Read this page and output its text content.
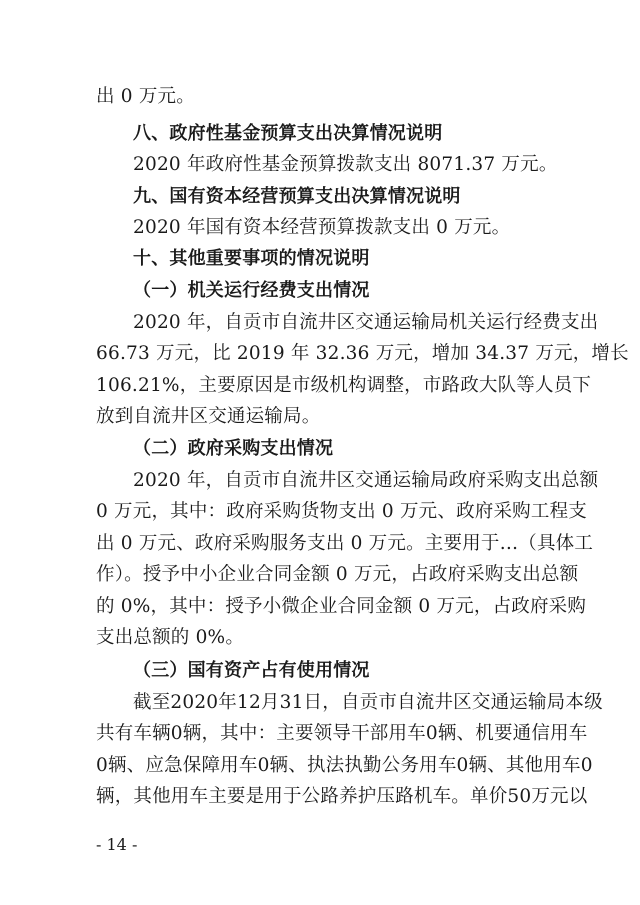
出 0 万元。
八、政府性基金预算支出决算情况说明
2020 年政府性基金预算拨款支出 8071.37 万元。
九、国有资本经营预算支出决算情况说明
2020 年国有资本经营预算拨款支出 0 万元。
十、其他重要事项的情况说明
（一）机关运行经费支出情况
2020 年，自贡市自流井区交通运输局机关运行经费支出
66.73 万元，比 2019 年 32.36 万元，增加 34.37 万元，增长
106.21%，主要原因是市级机构调整，市路政大队等人员下
放到自流井区交通运输局。
（二）政府采购支出情况
2020 年，自贡市自流井区交通运输局政府采购支出总额
0 万元，其中：政府采购货物支出 0 万元、政府采购工程支
出 0 万元、政府采购服务支出 0 万元。主要用于…（具体工
作）。授予中小企业合同金额 0 万元，占政府采购支出总额
的 0%，其中：授予小微企业合同金额 0 万元，占政府采购
支出总额的 0%。
（三）国有资产占有使用情况
截至2020年12月31日，自贡市自流井区交通运输局本级
共有车辆0辆，其中：主要领导干部用车0辆、机要通信用车
0辆、应急保障用车0辆、执法执勤公务用车0辆、其他用车0
辆，其他用车主要是用于公路养护压路机车。单价50万元以
- 14 -
